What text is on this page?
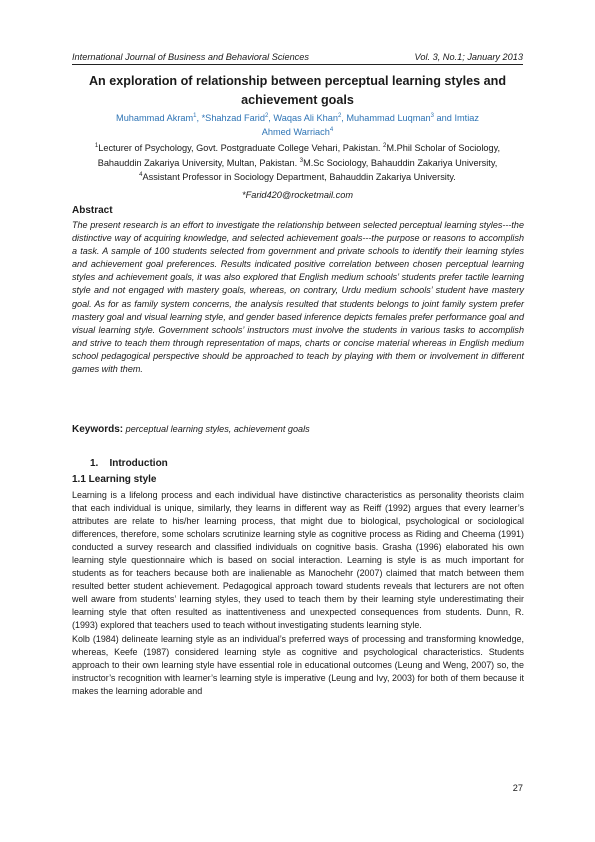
International Journal of Business and Behavioral Sciences	Vol. 3, No.1; January 2013
An exploration of relationship between perceptual learning styles and achievement goals
Muhammad Akram$^1$, *Shahzad Farid$^2$, Waqas Ali Khan$^2$, Muhammad Luqman$^3$ and Imtiaz Ahmed Warriach$^4$
$^1$Lecturer of Psychology, Govt. Postgraduate College Vehari, Pakistan. $^2$M.Phil Scholar of Sociology, Bahauddin Zakariya University, Multan, Pakistan. $^3$M.Sc Sociology, Bahauddin Zakariya University,
$^4$Assistant Professor in Sociology Department, Bahauddin Zakariya University.
*Farid420@rocketmail.com
Abstract

The present research is an effort to investigate the relationship between selected perceptual learning styles---the distinctive way of acquiring knowledge, and selected achievement goals---the purpose or reasons to accomplish a task. A sample of 100 students selected from government and private schools to identify their learning styles and achievement goal preferences. Results indicated positive correlation between chosen perceptual learning styles and achievement goals, it was also explored that English medium schools’ students prefer tactile learning style and not engaged with mastery goals, whereas, on contrary, Urdu medium schools’ student have mastery goal. As for as family system concerns, the analysis resulted that students belongs to joint family system prefer mastery goal and visual learning style, and gender based inference depicts females prefer performance goal and visual learning style. Government schools’ instructors must involve the students in various tasks to accomplish and strive to teach them through representation of maps, charts or concise material whereas in English medium school pedagogical perspective should be approached to teach by playing with them or involvement in different games with them.

Keywords: perceptual learning styles, achievement goals
1. Introduction
1.1 Learning style

Learning is a lifelong process and each individual have distinctive characteristics as personality theorists claim that each individual is unique, similarly, they learns in different way as Reiff (1992) argues that every learner’s attributes are relate to his/her learning process, that might due to biological, psychological or sociological differences, therefore, some scholars scrutinize learning style as cognitive process as Riding and Cheema (1991) conducted a survey research and classified individuals on cognitive basis. Grasha (1996) elaborated his own learning style questionnaire which is based on social interaction. Learning is style is as much important for students as for teachers because both are inalienable as Manochehr (2007) claimed that match between them resulted better student achievement. Pedagogical approach toward students reveals that lecturers are not often well aware from students’ learning styles, they used to teach them by their learning style underestimating their learning style that often resulted as inattentiveness and unexpected consequences from students. Dunn, R. (1993) explored that teachers used to teach without investigating students learning style.

Kolb (1984) delineate learning style as an individual’s preferred ways of processing and transforming knowledge, whereas, Keefe (1987) considered learning style as cognitive and psychological characteristics. Students approach to their own learning style have essential role in educational outcomes (Leung and Weng, 2007) so, the instructor’s recognition with learner’s learning style is imperative (Leung and Ivy, 2003) for both of them because it makes the learning adorable and

27
